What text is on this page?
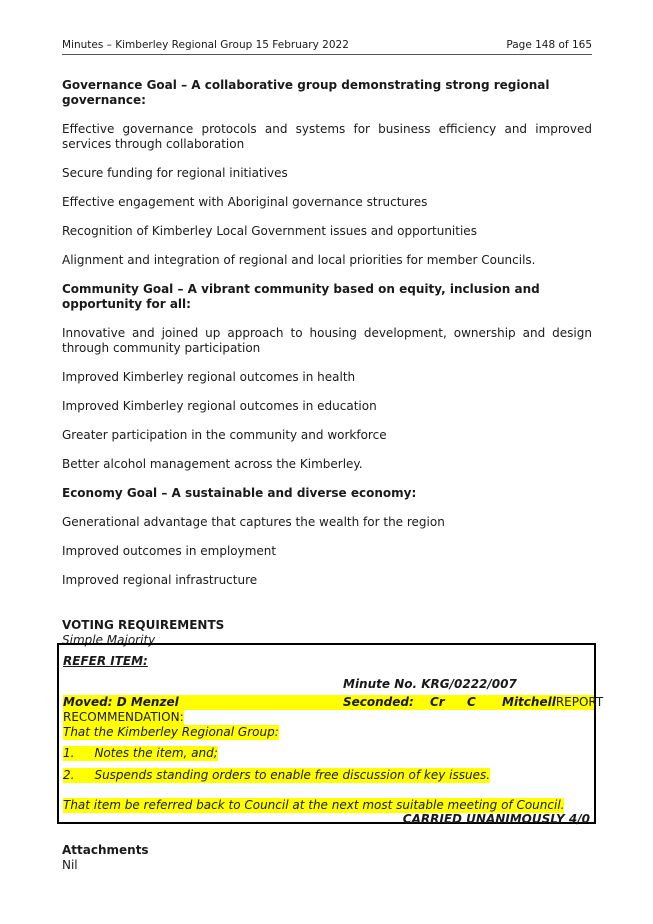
Minutes – Kimberley Regional Group 15 February 2022	Page 148 of 165

Governance Goal – A collaborative group demonstrating strong regional governance:

Effective governance protocols and systems for business efficiency and improved services through collaboration

Secure funding for regional initiatives

Effective engagement with Aboriginal governance structures

Recognition of Kimberley Local Government issues and opportunities

Alignment and integration of regional and local priorities for member Councils.

Community Goal – A vibrant community based on equity, inclusion and opportunity for all:

Innovative and joined up approach to housing development, ownership and design through community participation

Improved Kimberley regional outcomes in health

Improved Kimberley regional outcomes in education

Greater participation in the community and workforce

Better alcohol management across the Kimberley.

Economy Goal – A sustainable and diverse economy:

Generational advantage that captures the wealth for the region

Improved outcomes in employment

Improved regional infrastructure

VOTING REQUIREMENTS

Simple Majority

REFER ITEM:
Minute No. KRG/0222/007
Moved: D Menzel	Seconded: Cr C MitchellREPORT
RECOMMENDATION:
That the Kimberley Regional Group:
1. Notes the item, and;
2. Suspends standing orders to enable free discussion of key issues.
That item be referred back to Council at the next most suitable meeting of Council.
CARRIED UNANIMOUSLY 4/0
Attachments
Nil
